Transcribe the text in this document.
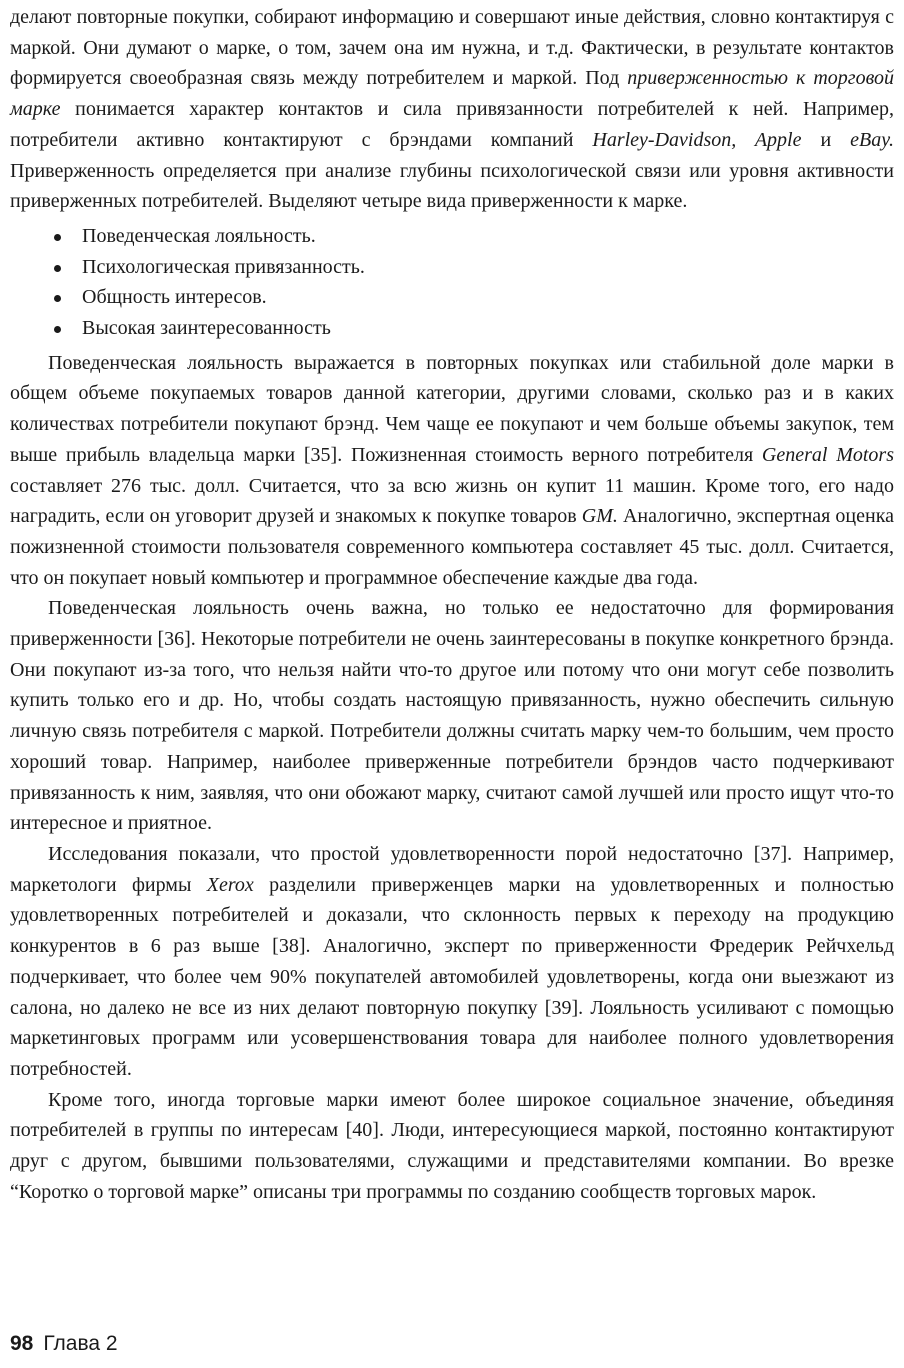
делают повторные покупки, собирают информацию и совершают иные действия, словно контактируя с маркой. Они думают о марке, о том, зачем она им нужна, и т.д. Фактически, в результате контактов формируется своеобразная связь между потребителем и маркой. Под приверженностью к торговой марке понимается характер контактов и сила привязанности потребителей к ней. Например, потребители активно контактируют с брэндами компаний Harley-Davidson, Apple и eBay. Приверженность определяется при анализе глубины психологической связи или уровня активности приверженных потребителей. Выделяют четыре вида приверженности к марке.

Поведенческая лояльность.
Психологическая привязанность.
Общность интересов.
Высокая заинтересованность

Поведенческая лояльность выражается в повторных покупках или стабильной доле марки в общем объеме покупаемых товаров данной категории, другими словами, сколько раз и в каких количествах потребители покупают брэнд. Чем чаще ее покупают и чем больше объемы закупок, тем выше прибыль владельца марки [35]. Пожизненная стоимость верного потребителя General Motors составляет 276 тыс. долл. Считается, что за всю жизнь он купит 11 машин. Кроме того, его надо наградить, если он уговорит друзей и знакомых к покупке товаров GM. Аналогично, экспертная оценка пожизненной стоимости пользователя современного компьютера составляет 45 тыс. долл. Считается, что он покупает новый компьютер и программное обеспечение каждые два года.

Поведенческая лояльность очень важна, но только ее недостаточно для формирования приверженности [36]. Некоторые потребители не очень заинтересованы в покупке конкретного брэнда. Они покупают из-за того, что нельзя найти что-то другое или потому что они могут себе позволить купить только его и др. Но, чтобы создать настоящую привязанность, нужно обеспечить сильную личную связь потребителя с маркой. Потребители должны считать марку чем-то большим, чем просто хороший товар. Например, наиболее приверженные потребители брэндов часто подчеркивают привязанность к ним, заявляя, что они обожают марку, считают самой лучшей или просто ищут что-то интересное и приятное.

Исследования показали, что простой удовлетворенности порой недостаточно [37]. Например, маркетологи фирмы Xerox разделили приверженцев марки на удовлетворенных и полностью удовлетворенных потребителей и доказали, что склонность первых к переходу на продукцию конкурентов в 6 раз выше [38]. Аналогично, эксперт по приверженности Фредерик Рейчхельд подчеркивает, что более чем 90% покупателей автомобилей удовлетворены, когда они выезжают из салона, но далеко не все из них делают повторную покупку [39]. Лояльность усиливают с помощью маркетинговых программ или усовершенствования товара для наиболее полного удовлетворения потребностей.

Кроме того, иногда торговые марки имеют более широкое социальное значение, объединяя потребителей в группы по интересам [40]. Люди, интересующиеся маркой, постоянно контактируют друг с другом, бывшими пользователями, служащими и представителями компании. Во врезке “Коротко о торговой марке” описаны три программы по созданию сообществ торговых марок.

98 Глава 2
